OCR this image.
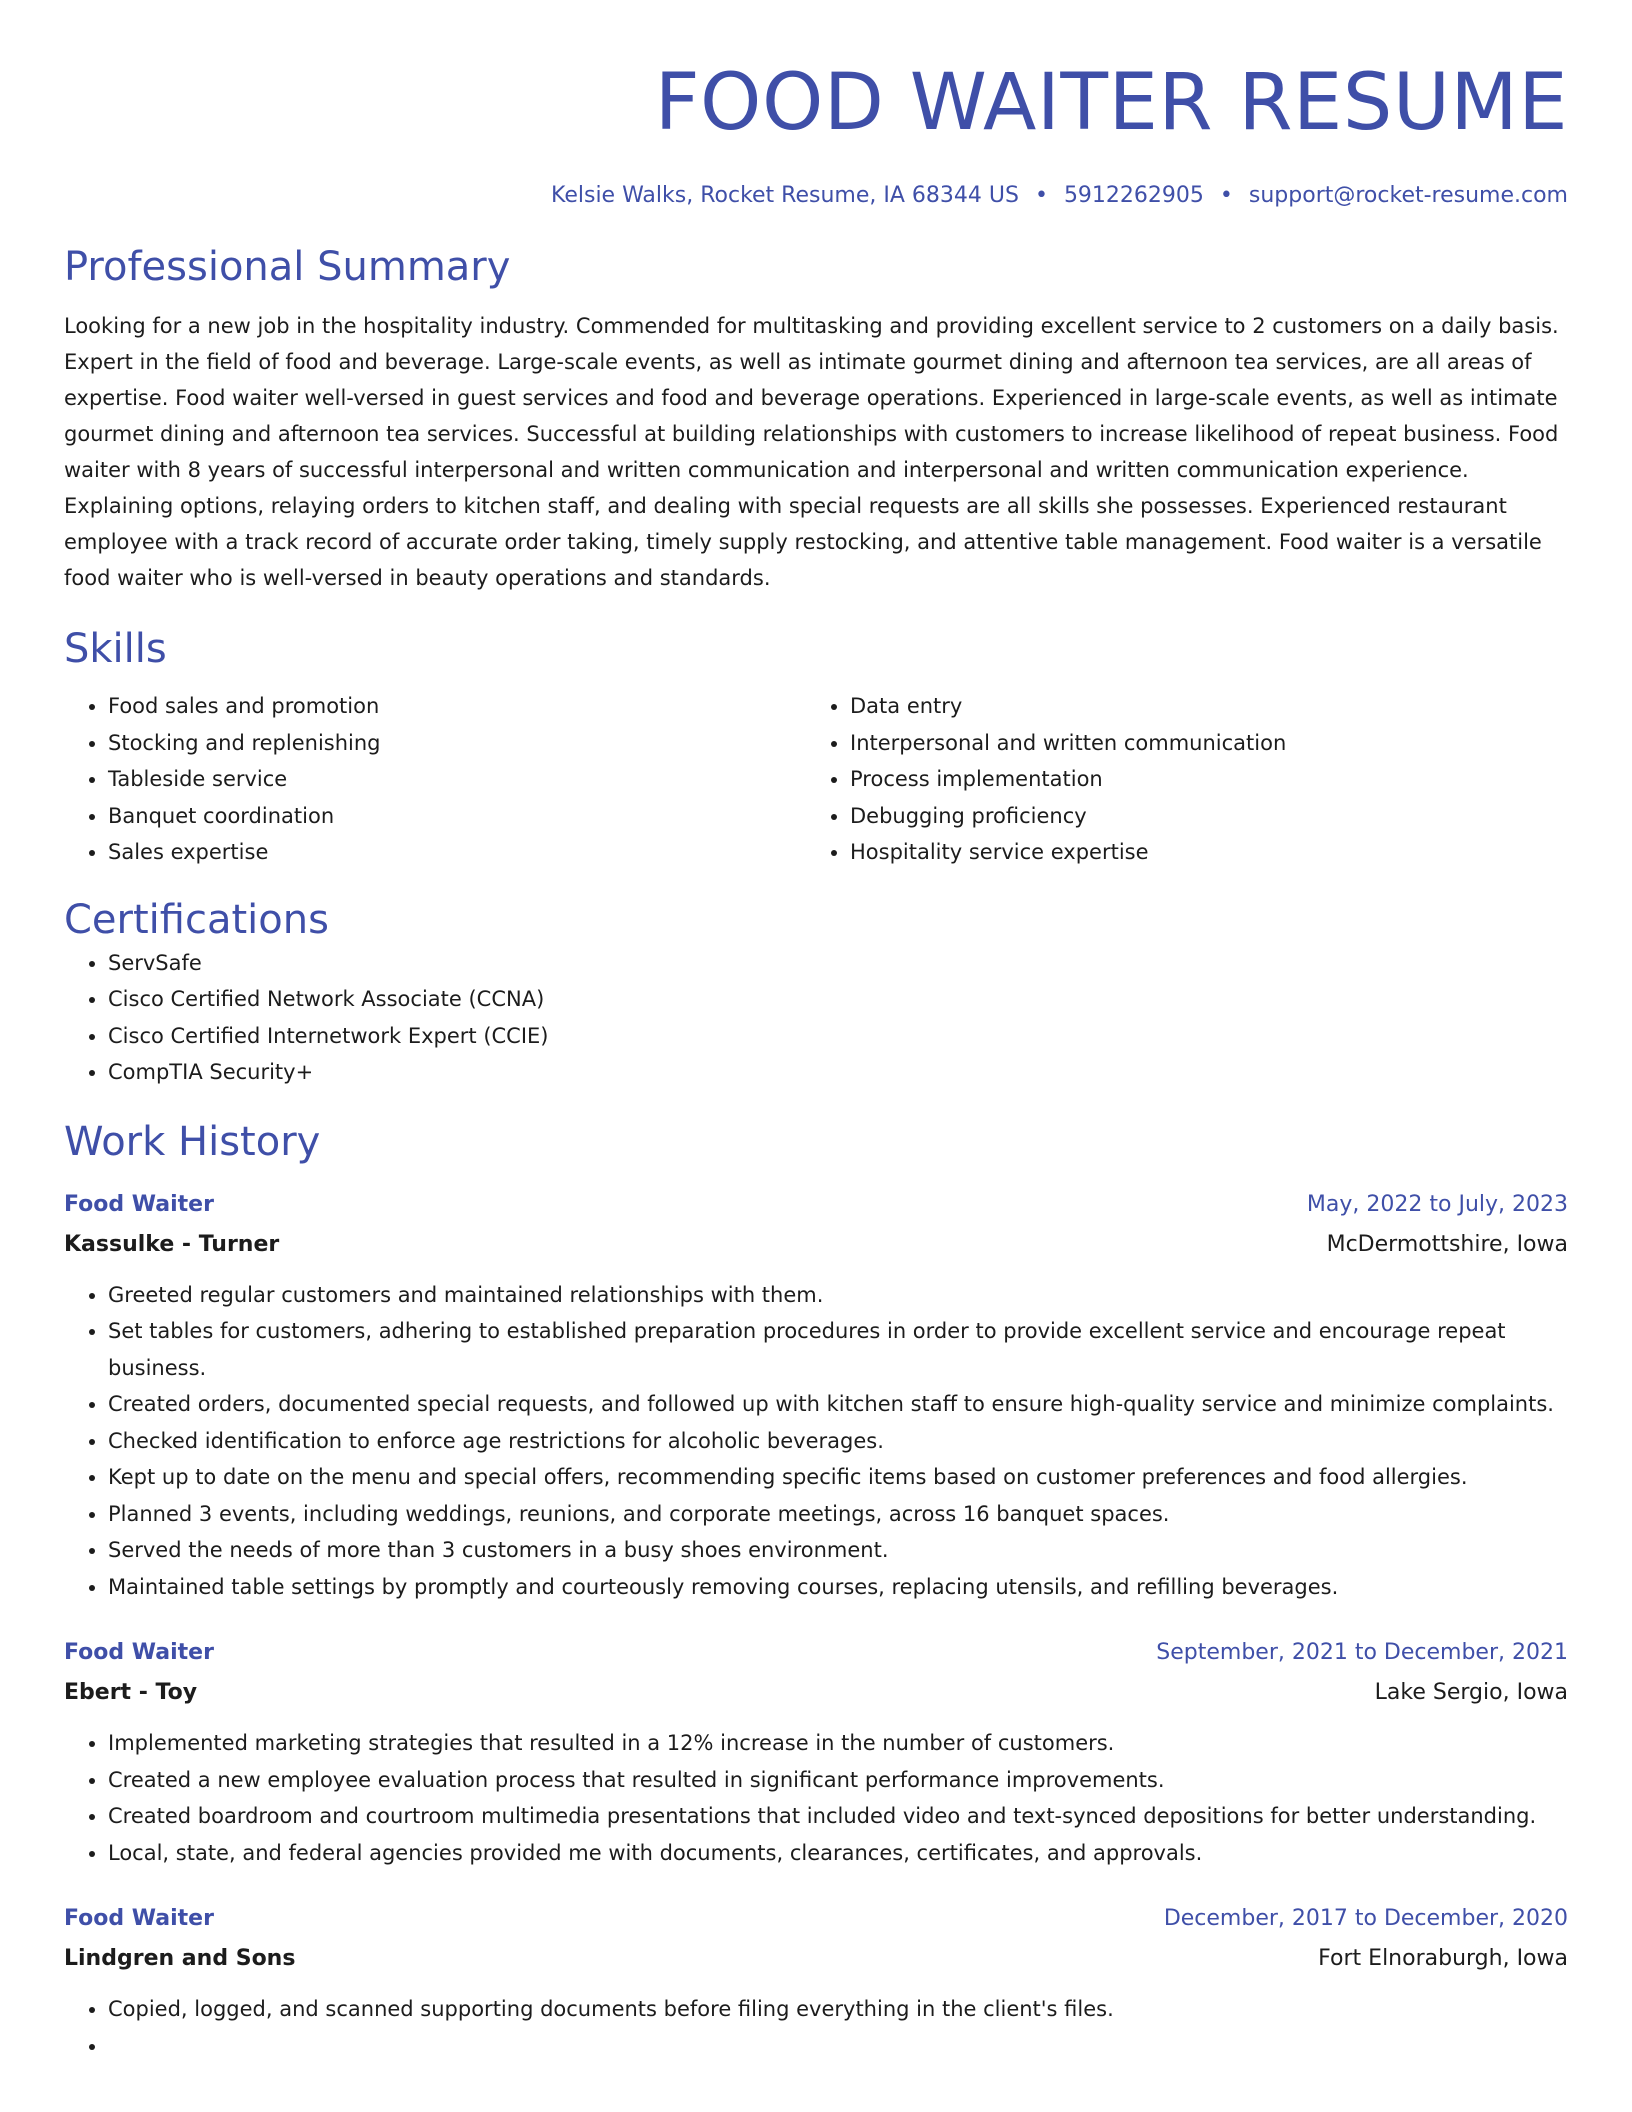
FOOD WAITER RESUME
Kelsie Walks, Rocket Resume, IA 68344 US • 5912262905 • support@rocket-resume.com
Professional Summary

Looking for a new job in the hospitality industry. Commended for multitasking and providing excellent service to 2 customers on a daily basis. Expert in the field of food and beverage. Large-scale events, as well as intimate gourmet dining and afternoon tea services, are all areas of expertise. Food waiter well-versed in guest services and food and beverage operations. Experienced in large-scale events, as well as intimate gourmet dining and afternoon tea services. Successful at building relationships with customers to increase likelihood of repeat business. Food waiter with 8 years of successful interpersonal and written communication and interpersonal and written communication experience. Explaining options, relaying orders to kitchen staff, and dealing with special requests are all skills she possesses. Experienced restaurant employee with a track record of accurate order taking, timely supply restocking, and attentive table management. Food waiter is a versatile food waiter who is well-versed in beauty operations and standards.

Skills
• Food sales and promotion
• Stocking and replenishing
• Tableside service
• Banquet coordination
• Sales expertise
• Data entry
• Interpersonal and written communication
• Process implementation
• Debugging proficiency
• Hospitality service expertise
Certifications
• ServSafe
• Cisco Certified Network Associate (CCNA)
• Cisco Certified Internetwork Expert (CCIE)
• CompTIA Security+
Work History
Food Waiter	May, 2022 to July, 2023
Kassulke - Turner	McDermottshire, Iowa
• Greeted regular customers and maintained relationships with them.
• Set tables for customers, adhering to established preparation procedures in order to provide excellent service and encourage repeat business.
• Created orders, documented special requests, and followed up with kitchen staff to ensure high-quality service and minimize complaints.
• Checked identification to enforce age restrictions for alcoholic beverages.
• Kept up to date on the menu and special offers, recommending specific items based on customer preferences and food allergies.
• Planned 3 events, including weddings, reunions, and corporate meetings, across 16 banquet spaces.
• Served the needs of more than 3 customers in a busy shoes environment.
• Maintained table settings by promptly and courteously removing courses, replacing utensils, and refilling beverages.
Food Waiter	September, 2021 to December, 2021
Ebert - Toy	Lake Sergio, Iowa
• Implemented marketing strategies that resulted in a 12% increase in the number of customers.
• Created a new employee evaluation process that resulted in significant performance improvements.
• Created boardroom and courtroom multimedia presentations that included video and text-synced depositions for better understanding.
• Local, state, and federal agencies provided me with documents, clearances, certificates, and approvals.
Food Waiter	December, 2017 to December, 2020
Lindgren and Sons	Fort Elnoraburgh, Iowa
• Copied, logged, and scanned supporting documents before filing everything in the client's files.
•
